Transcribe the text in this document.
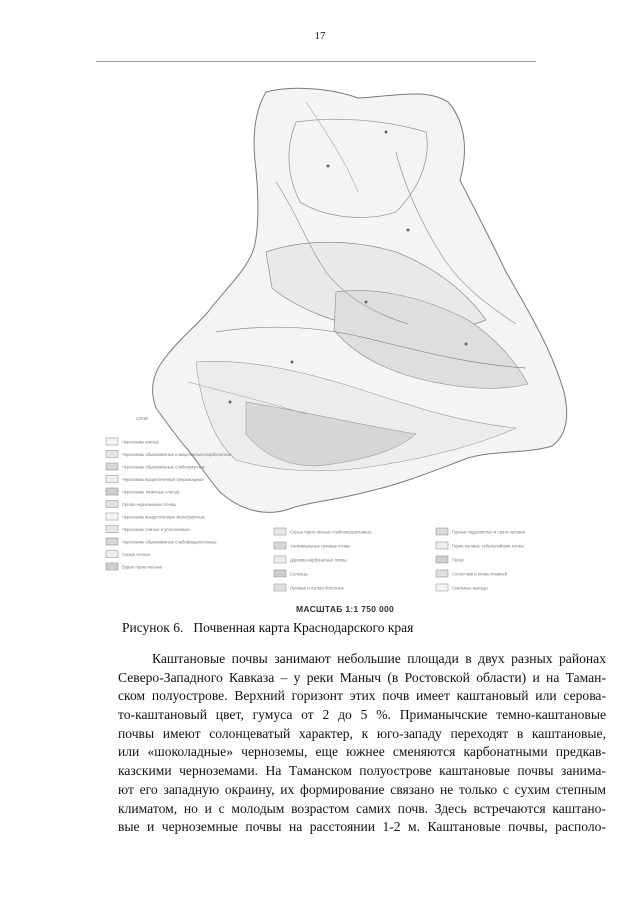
17
СОЧИ
Черноземы южные
Черноземы обыкновенные и мицелиально-карбонатные
Черноземы обыкновенные слабогумусные
Черноземы выщелоченные сверхмощные
Черноземы типичные слитые
Лугово-черноземные почвы
Черноземы выщелоченные малогумусные
Черноземы слитые и уплотненные
Черноземы обыкновенные слабовыщелоченные
Серые лесные
Бурые горно-лесные
Серые горно-лесные слабооподзоленные
Аллювиальные луговые почвы
Дерново-карбонатные почвы
Солонцы
Луговые и лугово-болотные
Горные подзолистые и горно-луговые
Горно-луговые субальпийские почвы
Пески
Солончаки и почвы плавней
Скальные выходы
МАСШТАБ 1:1 750 000
Рисунок 6. Почвенная карта Краснодарского края
Каштановые почвы занимают небольшие площади в двух разных районах
Северо-Западного Кавказа – у реки Маныч (в Ростовской области) и на Таман-
ском полуострове. Верхний горизонт этих почв имеет каштановый или серова-
то-каштановый цвет, гумуса от 2 до 5 %. Приманычские темно-каштановые
почвы имеют солонцеватый характер, к юго-западу переходят в каштановые,
или «шоколадные» черноземы, еще южнее сменяются карбонатными предкав-
казскими черноземами. На Таманском полуострове каштановые почвы занима-
ют его западную окраину, их формирование связано не только с сухим степным
климатом, но и с молодым возрастом самих почв. Здесь встречаются каштано-
вые и черноземные почвы на расстоянии 1-2 м. Каштановые почвы, располо-
